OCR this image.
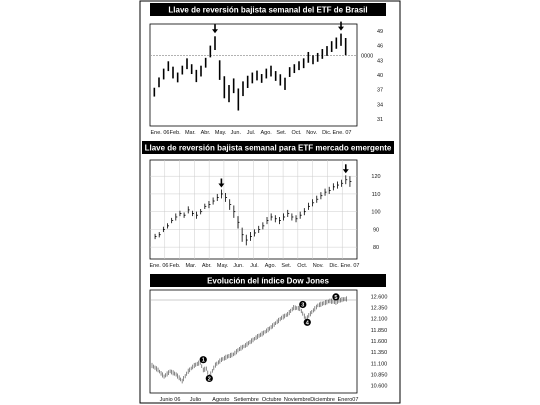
Llave de reversión bajista semanal del ETF de Brasil
31
34
37
40
43
46
49
Ene. 06 Feb. Mar. Abr. May. Jun. Jul. Ago. Set. Oct. Nov. Dic. Ene. 07
0000
Llave de reversión bajista semanal para ETF mercado emergente
80
90
100
110
120
Ene. 06 Feb. Mar. Abr. May. Jun. Jul. Ago. Set. Oct. Nov. Dic. Ene. 07
Evolución del índice Dow Jones
10.600
10.850
11.100
11.350
11.600
11.850
12.100
12.350
12.600
Junio 06 Julio Agosto Setiembre Octubre Noviembre Diciembre Enero07
1
2
3
4
5
